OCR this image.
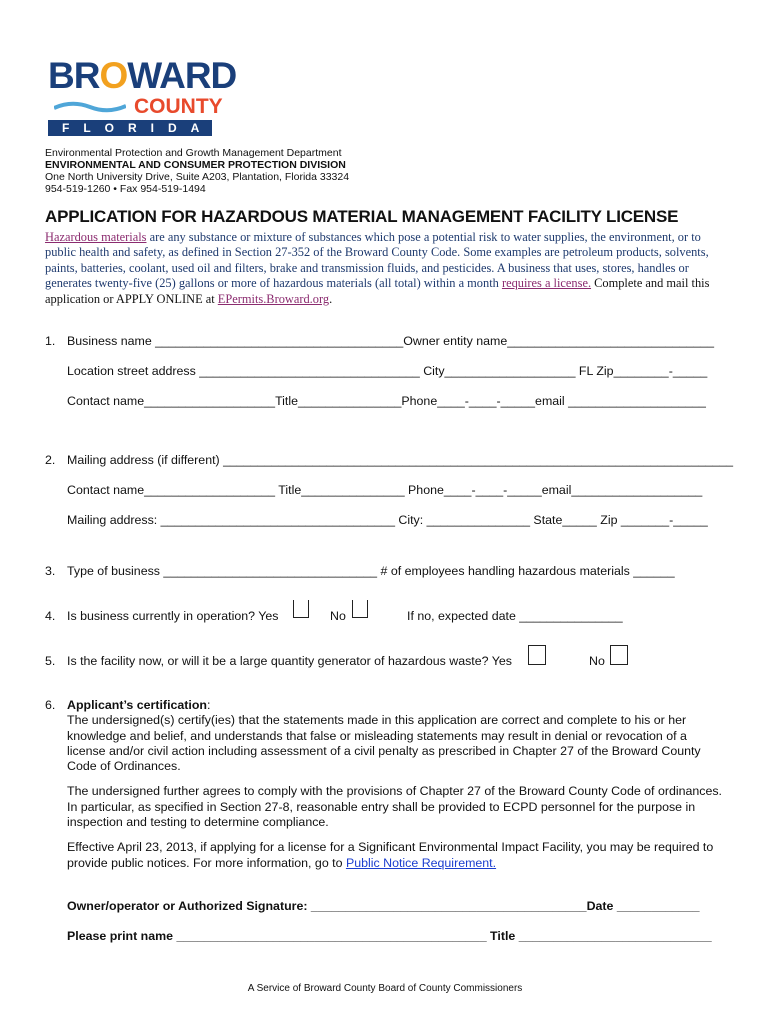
BROWARD
COUNTY
FLORIDA
Environmental Protection and Growth Management Department
ENVIRONMENTAL AND CONSUMER PROTECTION DIVISION
One North University Drive, Suite A203, Plantation, Florida 33324
954-519-1260 • Fax 954-519-1494
APPLICATION FOR HAZARDOUS MATERIAL MANAGEMENT FACILITY LICENSE
Hazardous materials are any substance or mixture of substances which pose a potential risk to water supplies, the environment, or to public health and safety, as defined in Section 27-352 of the Broward County Code. Some examples are petroleum products, solvents, paints, batteries, coolant, used oil and filters, brake and transmission fluids, and pesticides. A business that uses, stores, handles or generates twenty-five (25) gallons or more of hazardous materials (all total) within a month requires a license. Complete and mail this application or APPLY ONLINE at EPermits.Broward.org.
1. Business name ____________________________________Owner entity name______________________________
Location street address ________________________________ City___________________ FL Zip________-_____
Contact name___________________Title_______________Phone____-____-_____email ____________________
2. Mailing address (if different) __________________________________________________________________________
Contact name___________________ Title_______________ Phone____-____-_____email___________________
Mailing address: __________________________________ City: _______________ State_____ Zip _______-_____
3. Type of business _______________________________ # of employees handling hazardous materials ______
4. Is business currently in operation? Yes	No	If no, expected date _______________
5. Is the facility now, or will it be a large quantity generator of hazardous waste? Yes	No
6. Applicant’s certification:

The undersigned(s) certify(ies) that the statements made in this application are correct and complete to his or her knowledge and belief, and understands that false or misleading statements may result in denial or revocation of a license and/or civil action including assessment of a civil penalty as prescribed in Chapter 27 of the Broward County Code of Ordinances.

The undersigned further agrees to comply with the provisions of Chapter 27 of the Broward County Code of ordinances. In particular, as specified in Section 27-8, reasonable entry shall be provided to ECPD personnel for the purpose in inspection and testing to determine compliance.

Effective April 23, 2013, if applying for a license for a Significant Environmental Impact Facility, you may be required to provide public notices. For more information, go to Public Notice Requirement.

Owner/operator or Authorized Signature: ________________________________________Date ____________
Please print name _____________________________________________ Title ____________________________
A Service of Broward County Board of County Commissioners
